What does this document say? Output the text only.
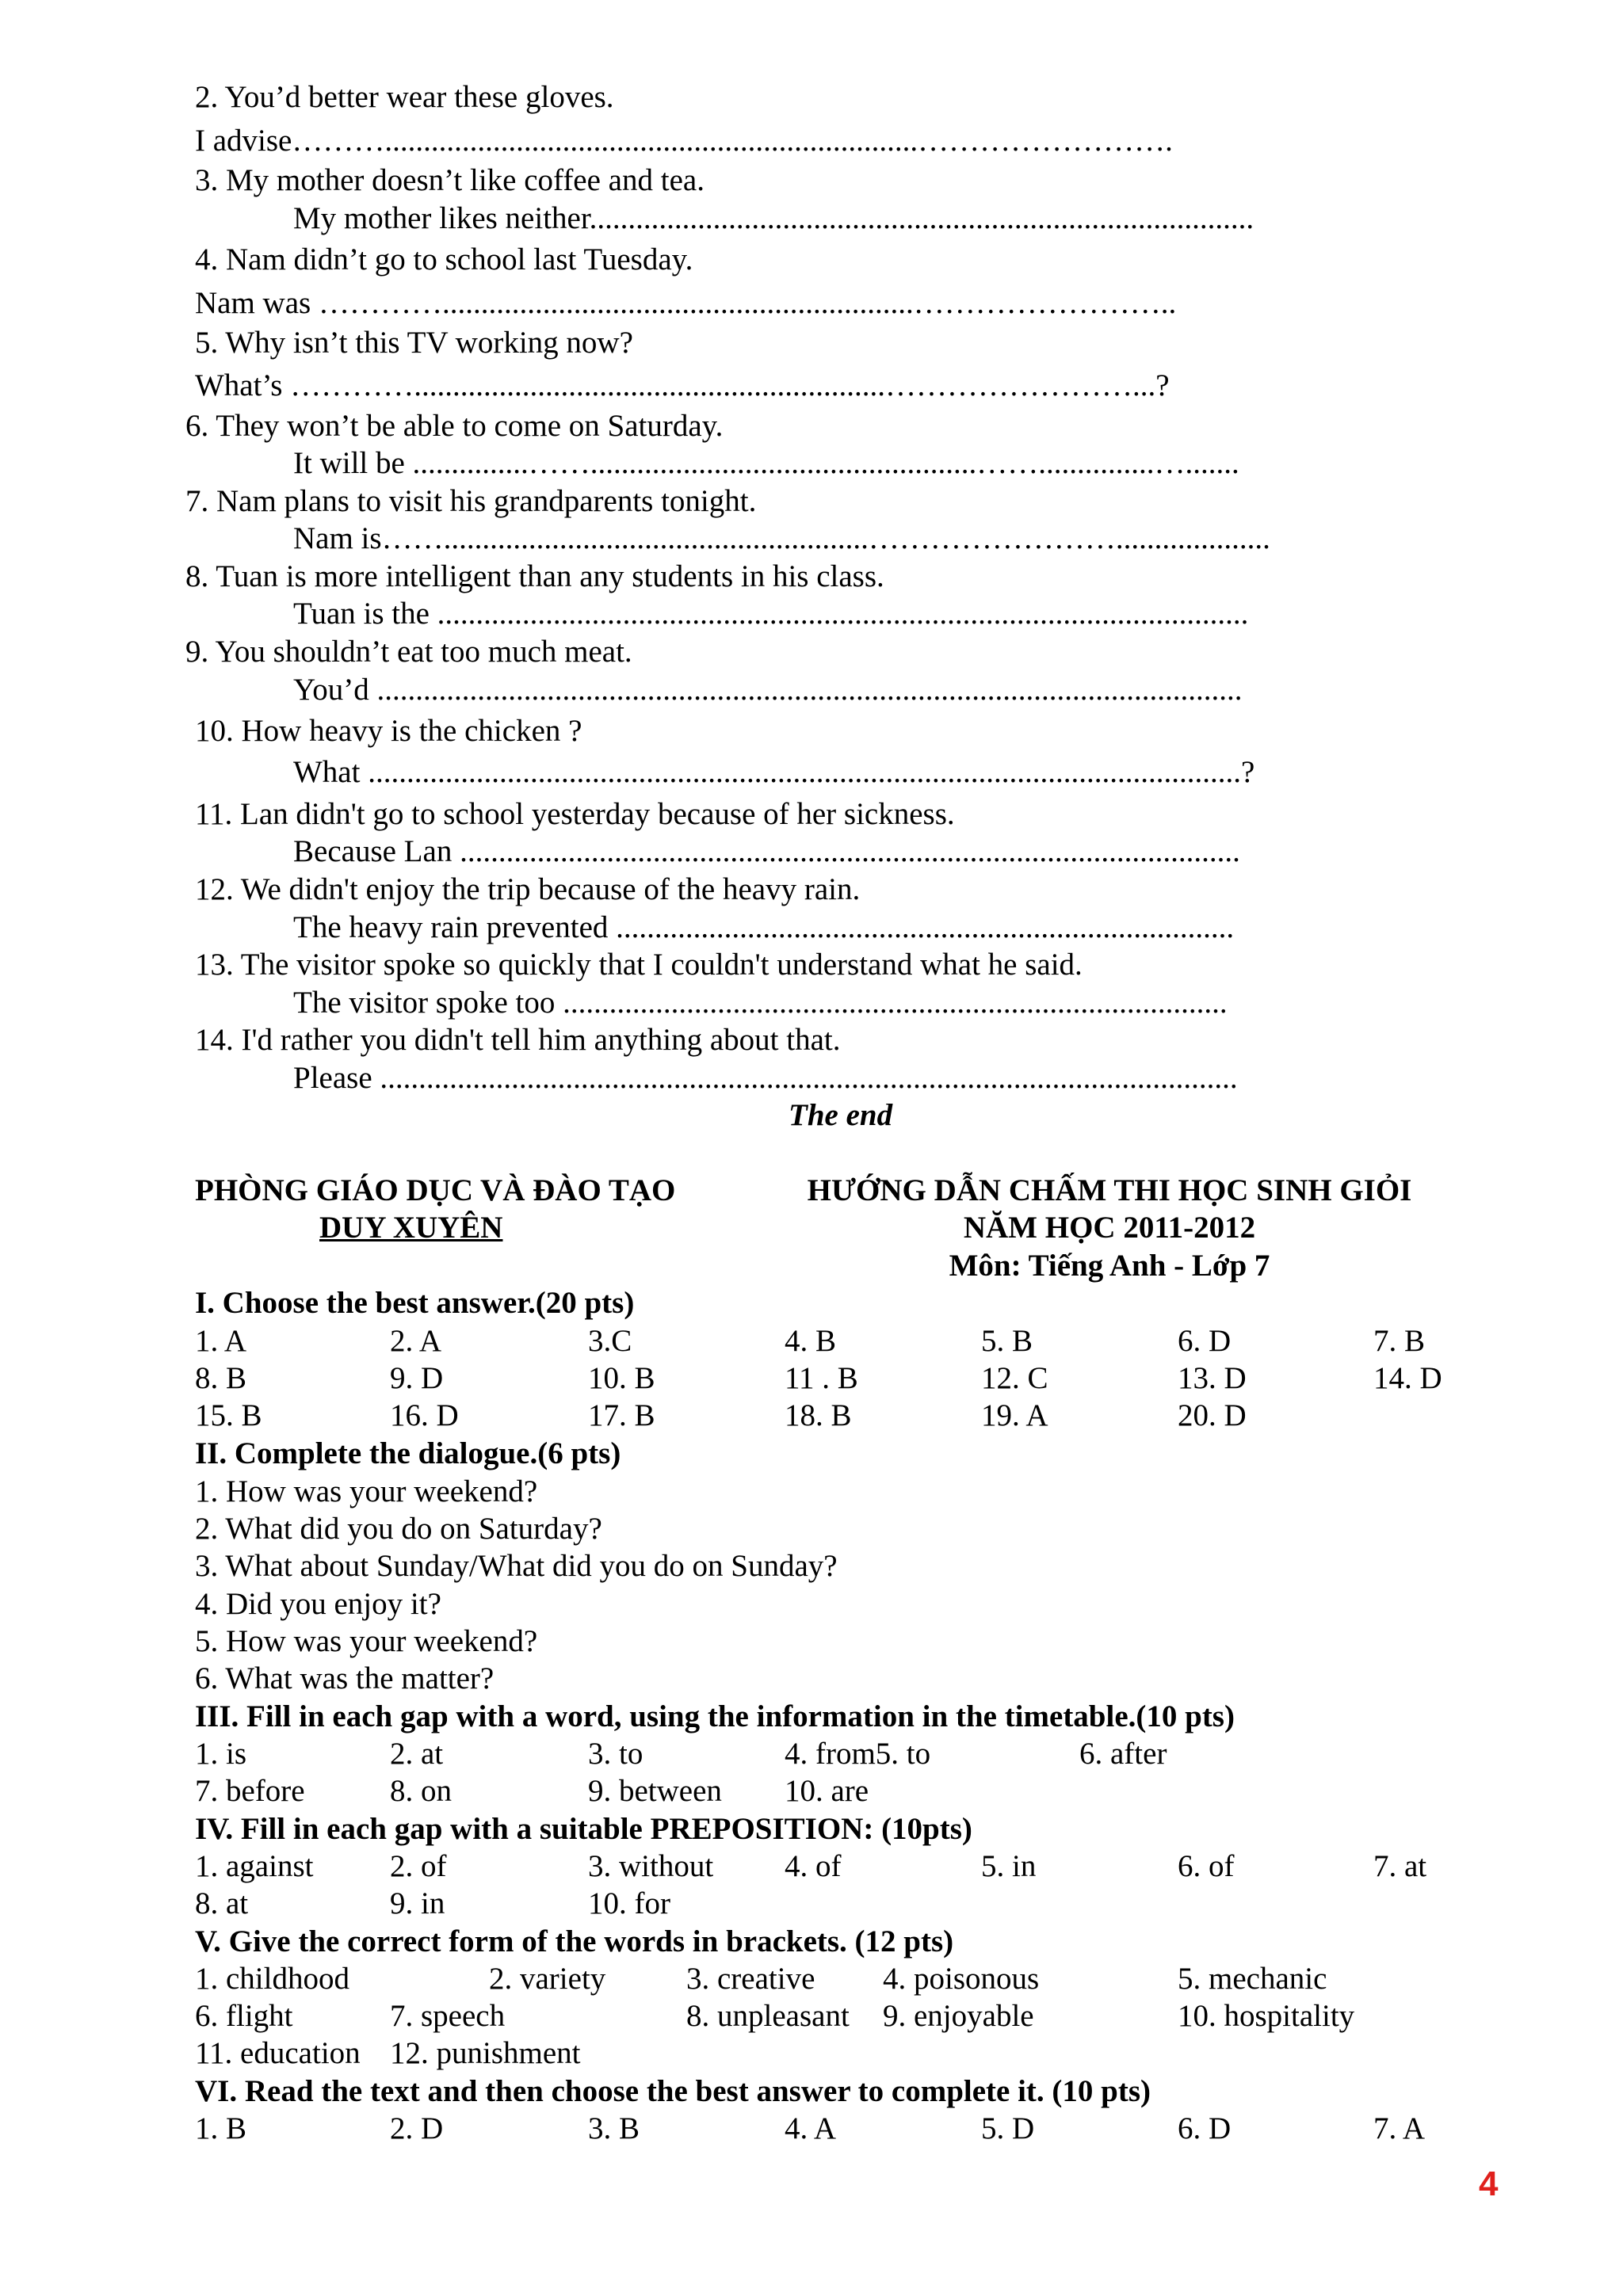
2. You’d better wear these gloves.
I advise……….....................................................................…………………….
3. My mother doesn’t like coffee and tea.
My mother likes neither......................................................................................
4. Nam didn’t go to school last Tuesday.
Nam was ………….............................................................……………………..
5. Why isn’t this TV working now?
What’s ………….............................................................……………………...?
6. They won’t be able to come on Saturday.
It will be ...............……..................................................……...............….......
7. Nam plans to visit his grandparents tonight.
Nam is…….......................................................……………………....................
8. Tuan is more intelligent than any students in his class.
Tuan is the .........................................................................................................
9. You shouldn’t eat too much meat.
You’d ................................................................................................................
10. How heavy is the chicken ?
What .................................................................................................................?
11. Lan didn't go to school yesterday because of her sickness.
Because Lan .....................................................................................................
12. We didn't enjoy the trip because of the heavy rain.
The heavy rain prevented ................................................................................
13. The visitor spoke so quickly that I couldn't understand what he said.
The visitor spoke too ......................................................................................
14. I'd rather you didn't tell him anything about that.
Please ...............................................................................................................
The end
PHÒNG GIÁO DỤC VÀ ĐÀO TẠO
DUY XUYÊN
HƯỚNG DẪN CHẤM THI HỌC SINH GIỎI
NĂM HỌC 2011-2012
Môn: Tiếng Anh - Lớp 7
I. Choose the best answer.(20 pts)
1. A	2. A	3.C	4. B	5. B	6. D	7. B
8. B	9. D	10. B	11 . B	12. C	13. D	14. D
15. B	16. D	17. B	18. B	19. A	20. D
II. Complete the dialogue.(6 pts)
1. How was your weekend?
2. What did you do on Saturday?
3. What about Sunday/What did you do on Sunday?
4. Did you enjoy it?
5. How was your weekend?
6. What was the matter?
III. Fill in each gap with a word, using the information in the timetable.(10 pts)
1. is	2. at	3. to	4. from5. to	6. after
7. before	8. on	9. between 10. are
IV. Fill in each gap with a suitable PREPOSITION: (10pts)
1. against 2. of	3. without 4. of	5. in	6. of	7. at
8. at	9. in	10. for
V. Give the correct form of the words in brackets. (12 pts)
1. childhood	2. variety	3. creative 4. poisonous	5. mechanic
6. flight	7. speech	8. unpleasant 9. enjoyable	10. hospitality
11. education 12. punishment
VI. Read the text and then choose the best answer to complete it. (10 pts)
1. B	2. D	3. B	4. A	5. D	6. D	7. A
4
